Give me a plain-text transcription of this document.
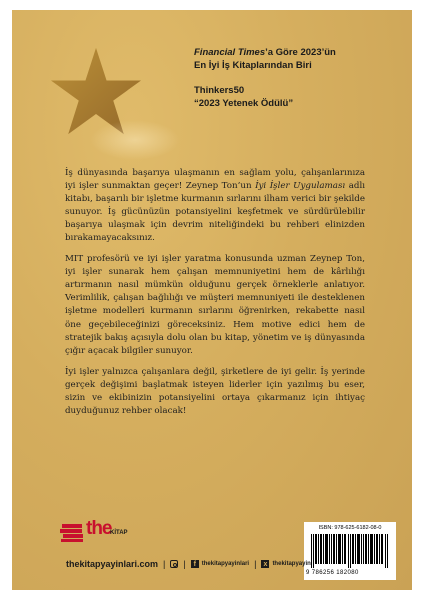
Financial Times’a Göre 2023’ün
En İyi İş Kitaplarından Biri
Thinkers50
“2023 Yetenek Ödülü”

İş dünyasında başarıya ulaşmanın en sağlam yolu, çalışanlarınıza iyi işler sunmaktan geçer! Zeynep Ton’un İyi İşler Uygulaması adlı kitabı, başarılı bir işletme kurmanın sırlarını ilham verici bir şekilde sunuyor. İş gücünüzün potansiyelini keşfetmek ve sürdürülebilir başarıya ulaşmak için devrim niteliğindeki bu rehberi elinizden bırakamayacaksınız.

MIT profesörü ve iyi işler yaratma konusunda uzman Zeynep Ton, iyi işler sunarak hem çalışan memnuniyetini hem de kârlılığı artırmanın nasıl mümkün olduğunu gerçek örneklerle anlatıyor. Verimlilik, çalışan bağlılığı ve müşteri memnuniyeti ile desteklenen işletme modelleri kurmanın sırlarını öğrenirken, rekabette nasıl öne geçebileceğinizi göreceksiniz. Hem motive edici hem de stratejik bakış açısıyla dolu olan bu kitap, yönetim ve iş dünyasında çığır açacak bilgiler sunuyor.

İyi işler yalnızca çalışanlara değil, şirketlere de iyi gelir. İş yerinde gerçek değişimi başlatmak isteyen liderler için yazılmış bu eser, sizin ve ekibinizin potansiyelini ortaya çıkarmanız için ihtiyaç duyduğunuz rehber olacak!

the
KİTAP
ISBN: 978-625-6182-08-0
9 786256 182080
thekitapyayinlari.com | |	f thekitapyayinlari | x thekitapyayin
